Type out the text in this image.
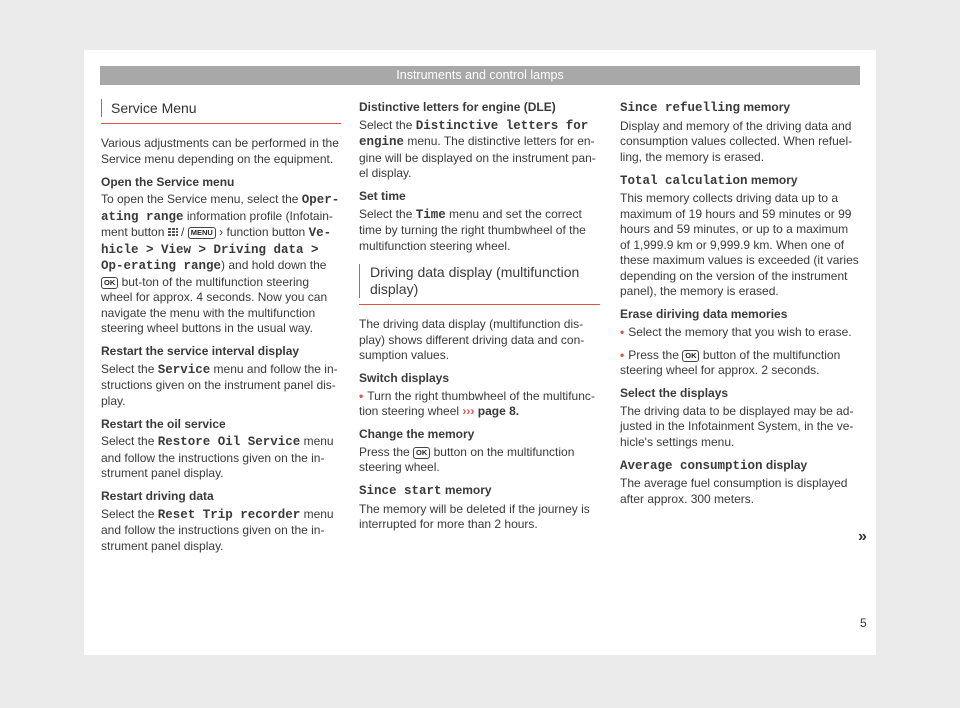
Instruments and control lamps
Service Menu

Various adjustments can be performed in the Service menu depending on the equipment.

Open the Service menu

To open the Service menu, select the Oper-ating range information profile (Infotain-ment button  / MENU › function button Ve-hicle > View > Driving data > Op-erating range) and hold down the OK but-ton of the multifunction steering wheel for approx. 4 seconds. Now you can navigate the menu with the multifunction steering wheel buttons in the usual way.

Restart the service interval display

Select the Service menu and follow the in-structions given on the instrument panel dis-play.

Restart the oil service

Select the Restore Oil Service menu and follow the instructions given on the in-strument panel display.

Restart driving data

Select the Reset Trip recorder menu and follow the instructions given on the in-strument panel display.

Distinctive letters for engine (DLE)

Select the Distinctive letters for engine menu. The distinctive letters for en-gine will be displayed on the instrument pan-el display.

Set time

Select the Time menu and set the correct time by turning the right thumbwheel of the multifunction steering wheel.

Driving data display (multifunction display)

The driving data display (multifunction dis-play) shows different driving data and con-sumption values.

Switch displays

• Turn the right thumbwheel of the multifunc-tion steering wheel ››› page 8.

Change the memory

Press the OK button on the multifunction steering wheel.

Since start memory

The memory will be deleted if the journey is interrupted for more than 2 hours.

Since refuelling memory

Display and memory of the driving data and consumption values collected. When refuel-ling, the memory is erased.

Total calculation memory

This memory collects driving data up to a maximum of 19 hours and 59 minutes or 99 hours and 59 minutes, or up to a maximum of 1,999.9 km or 9,999.9 km. When one of these maximum values is exceeded (it varies depending on the version of the instrument panel), the memory is erased.

Erase diriving data memories

• Select the memory that you wish to erase.

• Press the OK button of the multifunction steering wheel for approx. 2 seconds.

Select the displays

The driving data to be displayed may be ad-justed in the Infotainment System, in the ve-hicle's settings menu.

Average consumption display

The average fuel consumption is displayed after approx. 300 meters.

»
5
